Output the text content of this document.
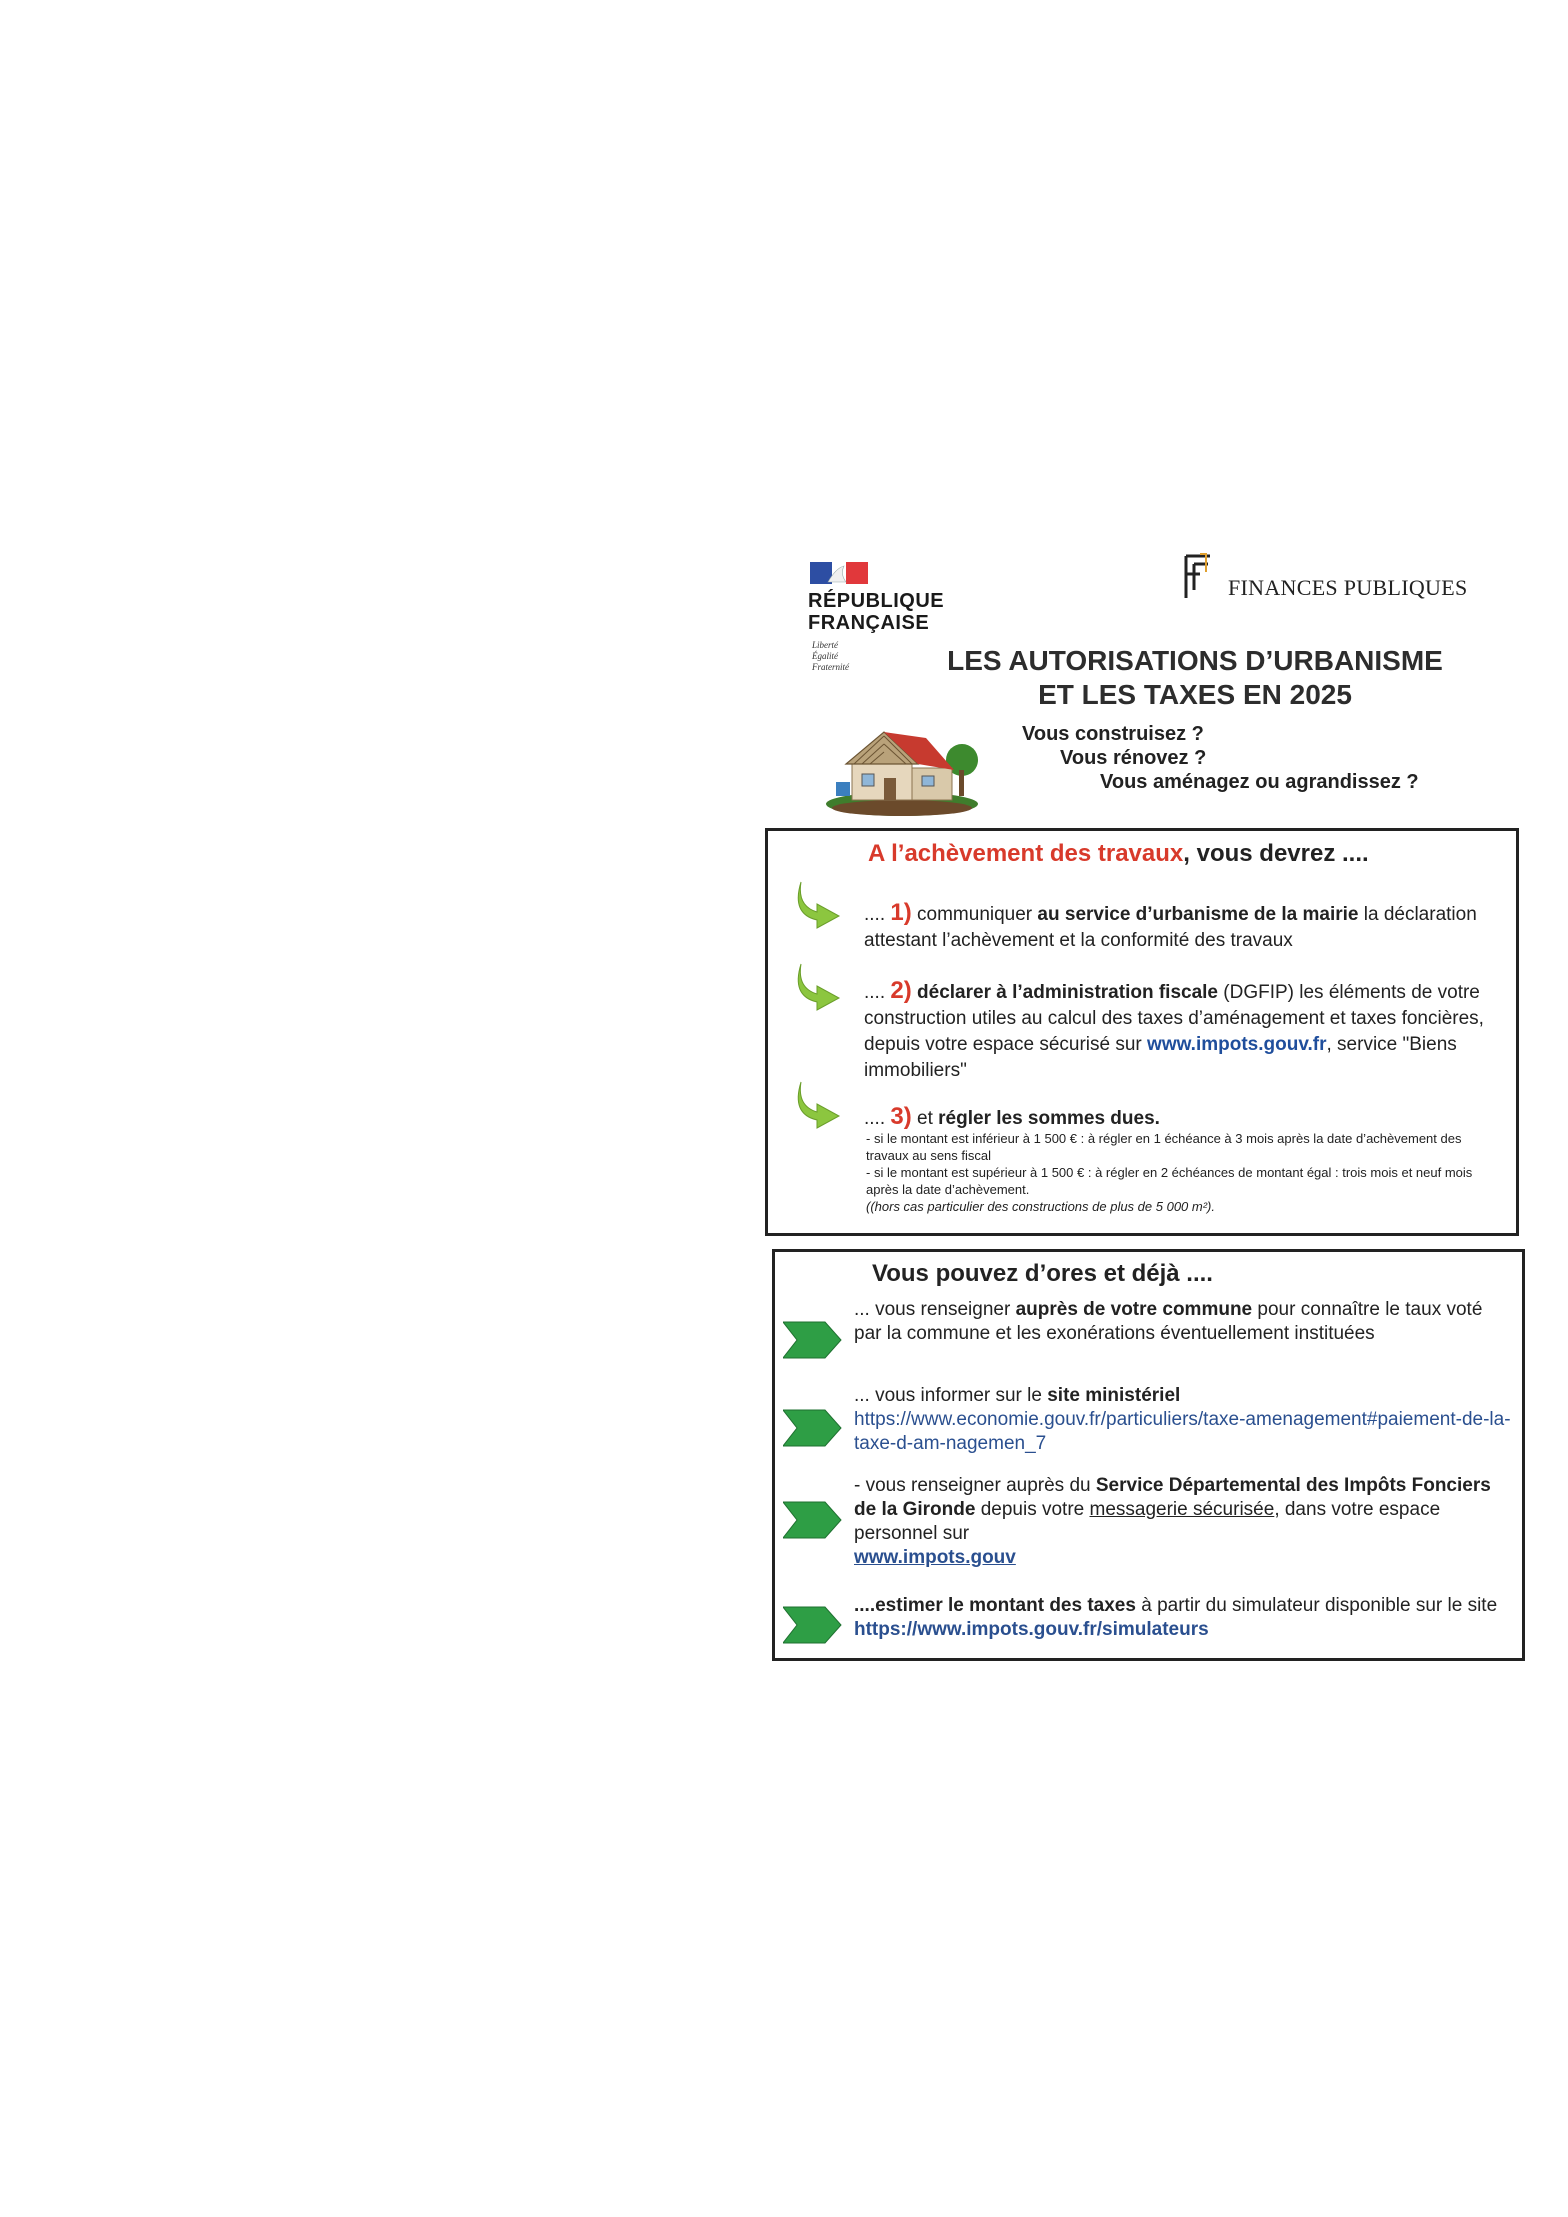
RÉPUBLIQUE
FRANÇAISE
Liberté
Égalité
Fraternité
FINANCES PUBLIQUES
LES AUTORISATIONS D’URBANISME
ET LES TAXES EN 2025
Vous construisez ?
Vous rénovez ?
Vous aménagez ou agrandissez ?
A l’achèvement des travaux, vous devrez ....
.... 1) communiquer au service d’urbanisme de la mairie la déclaration attestant l’achèvement et la conformité des travaux
.... 2) déclarer à l’administration fiscale (DGFIP) les éléments de votre construction utiles au calcul des taxes d’aménagement et taxes foncières, depuis votre espace sécurisé sur www.impots.gouv.fr, service "Biens immobiliers"
.... 3) et régler les sommes dues.
- si le montant est inférieur à 1 500 € : à régler en 1 échéance à 3 mois après la date d’achèvement des travaux au sens fiscal
- si le montant est supérieur à 1 500 € : à régler en 2 échéances de montant égal : trois mois et neuf mois après la date d’achèvement.
((hors cas particulier des constructions de plus de 5 000 m²).
Vous pouvez d’ores et déjà ....
... vous renseigner auprès de votre commune pour connaître le taux voté par la commune et les exonérations éventuellement instituées
... vous informer sur le site ministériel
https://www.economie.gouv.fr/particuliers/taxe-amenagement#paiement-de-la-taxe-d-am-nagemen_7
- vous renseigner auprès du Service Départemental des Impôts Fonciers de la Gironde depuis votre messagerie sécurisée, dans votre espace personnel sur
www.impots.gouv
....estimer le montant des taxes à partir du simulateur disponible sur le site https://www.impots.gouv.fr/simulateurs
